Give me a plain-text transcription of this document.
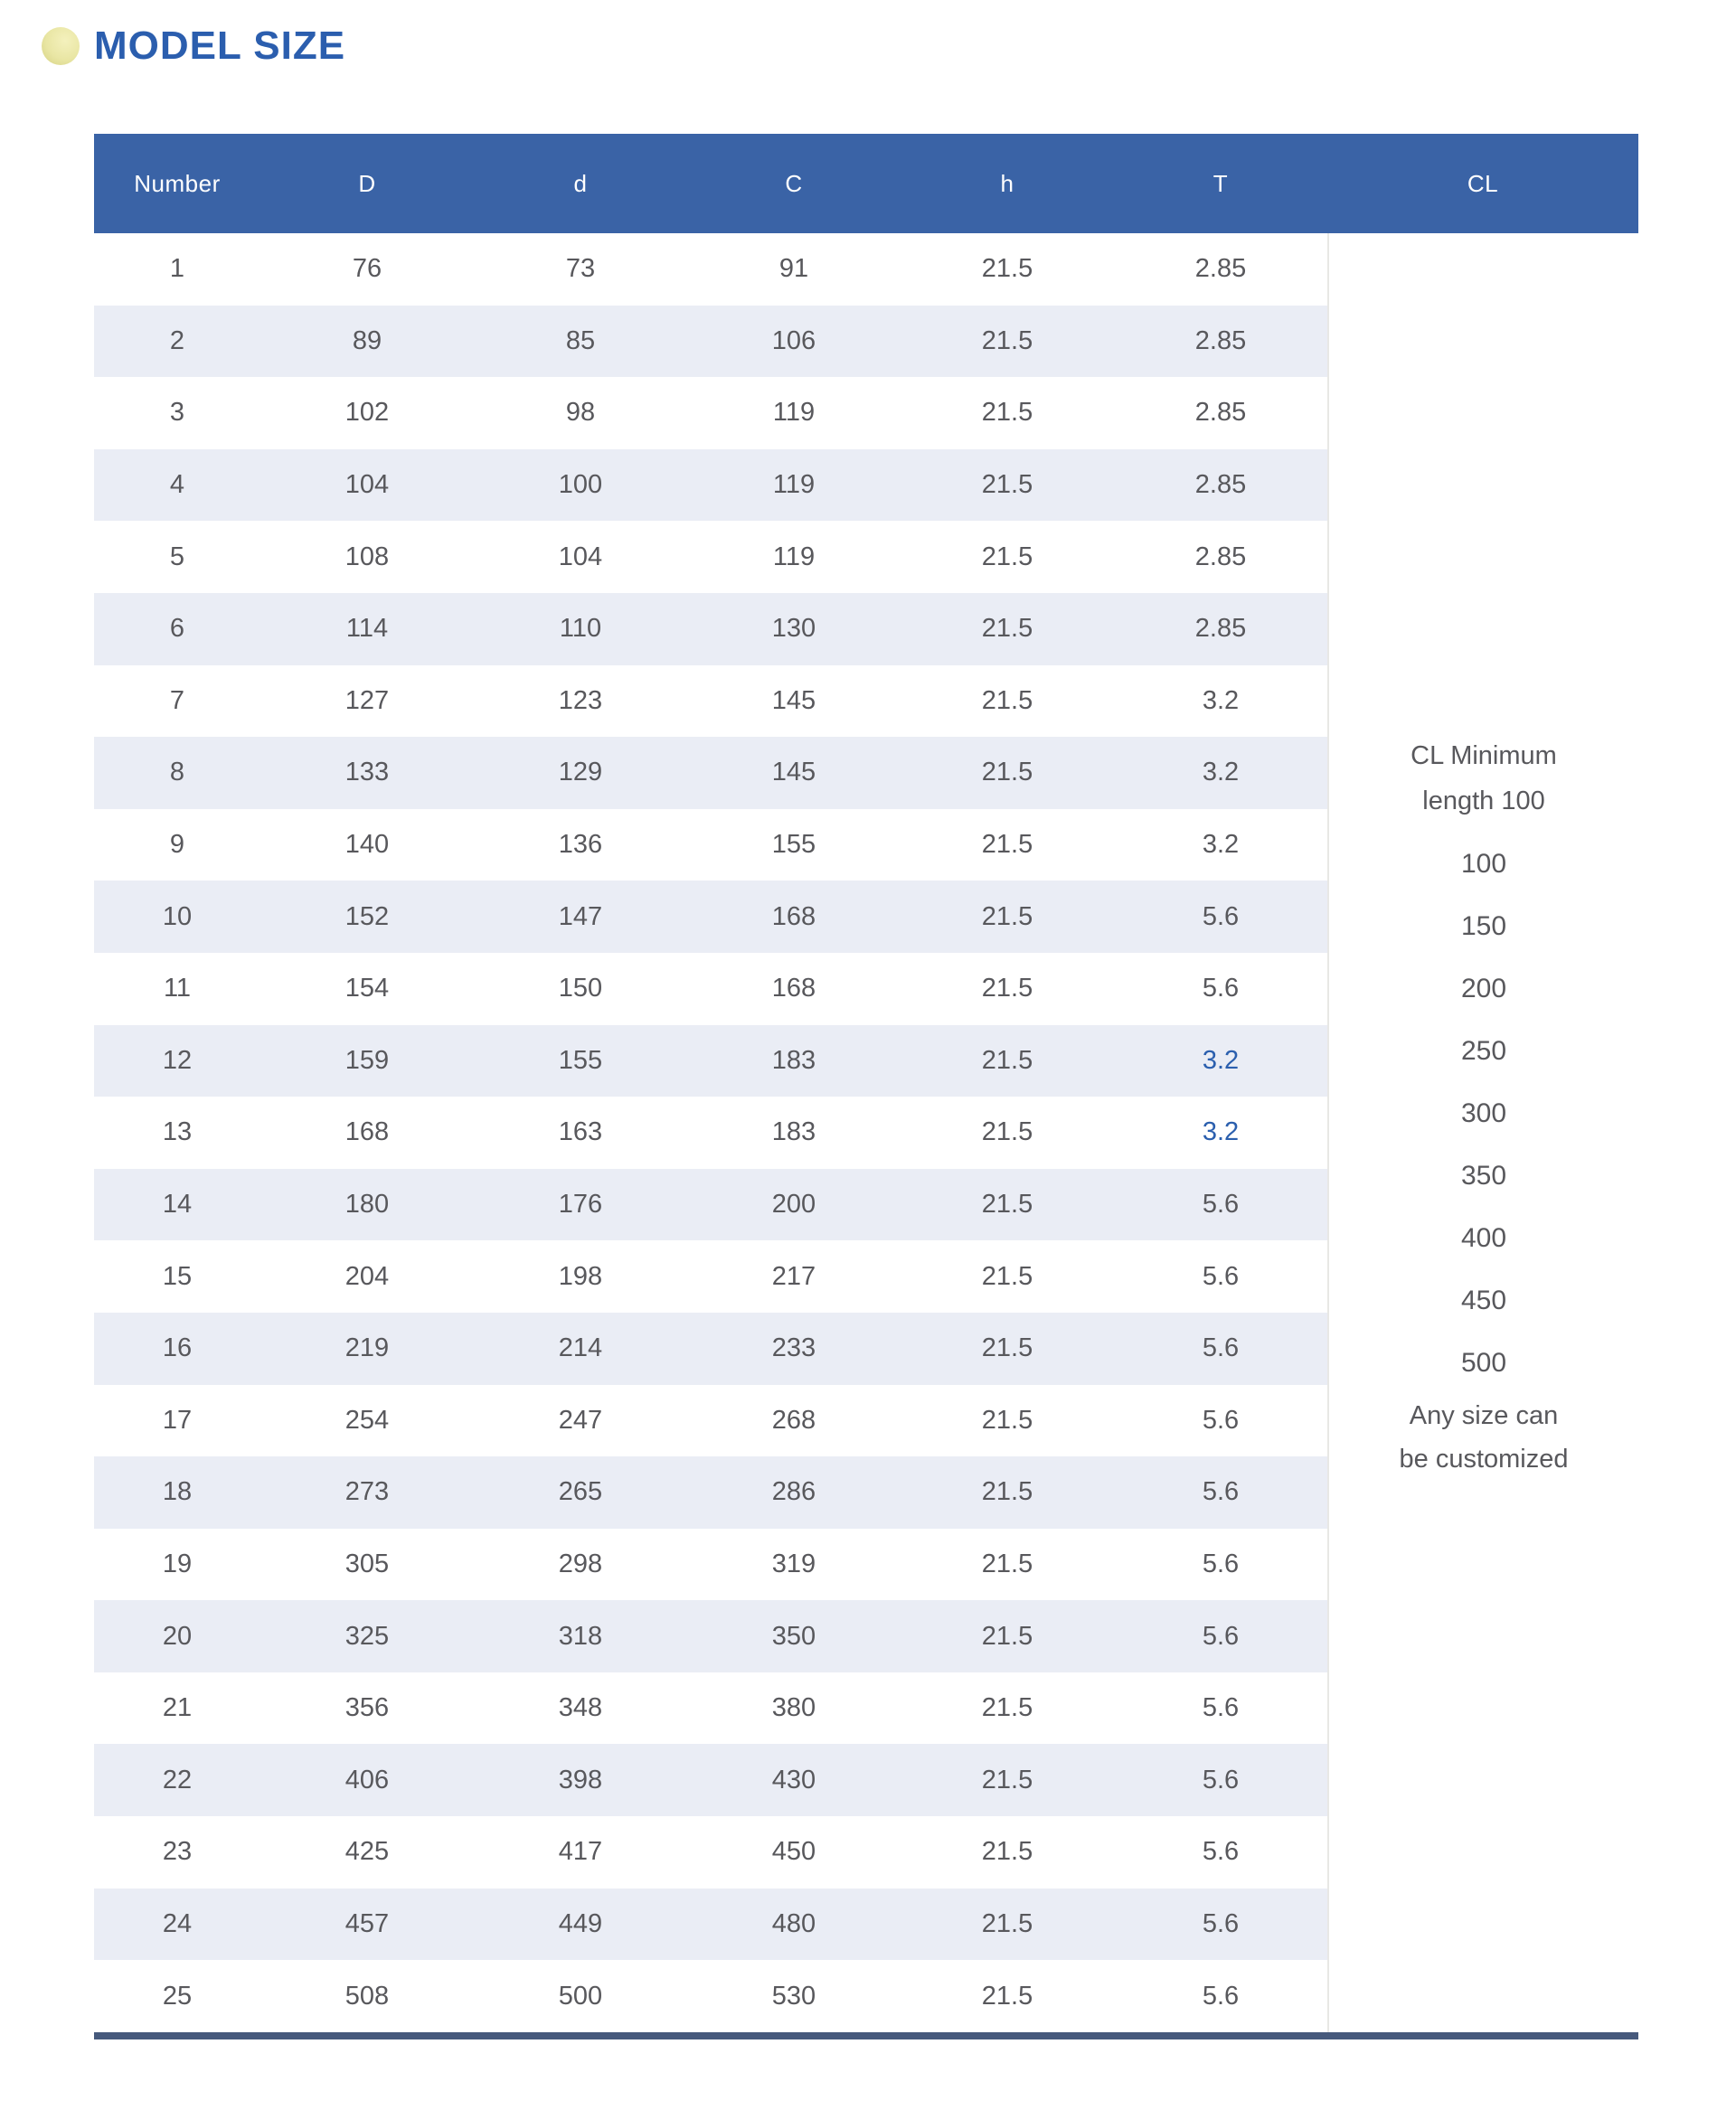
MODEL SIZE
Number	D	d	C	h	T	CL
1	76	73	91	21.5	2.85
2	89	85	106	21.5	2.85
3	102	98	119	21.5	2.85
4	104	100	119	21.5	2.85
5	108	104	119	21.5	2.85
6	114	110	130	21.5	2.85
7	127	123	145	21.5	3.2
8	133	129	145	21.5	3.2
9	140	136	155	21.5	3.2
10	152	147	168	21.5	5.6
11	154	150	168	21.5	5.6
12	159	155	183	21.5	3.2
13	168	163	183	21.5	3.2
14	180	176	200	21.5	5.6
15	204	198	217	21.5	5.6
16	219	214	233	21.5	5.6
17	254	247	268	21.5	5.6
18	273	265	286	21.5	5.6
19	305	298	319	21.5	5.6
20	325	318	350	21.5	5.6
21	356	348	380	21.5	5.6
22	406	398	430	21.5	5.6
23	425	417	450	21.5	5.6
24	457	449	480	21.5	5.6
25	508	500	530	21.5	5.6
CL Minimum
length 100
100
150
200
250
300
350
400
450
500
Any size can
be customized
